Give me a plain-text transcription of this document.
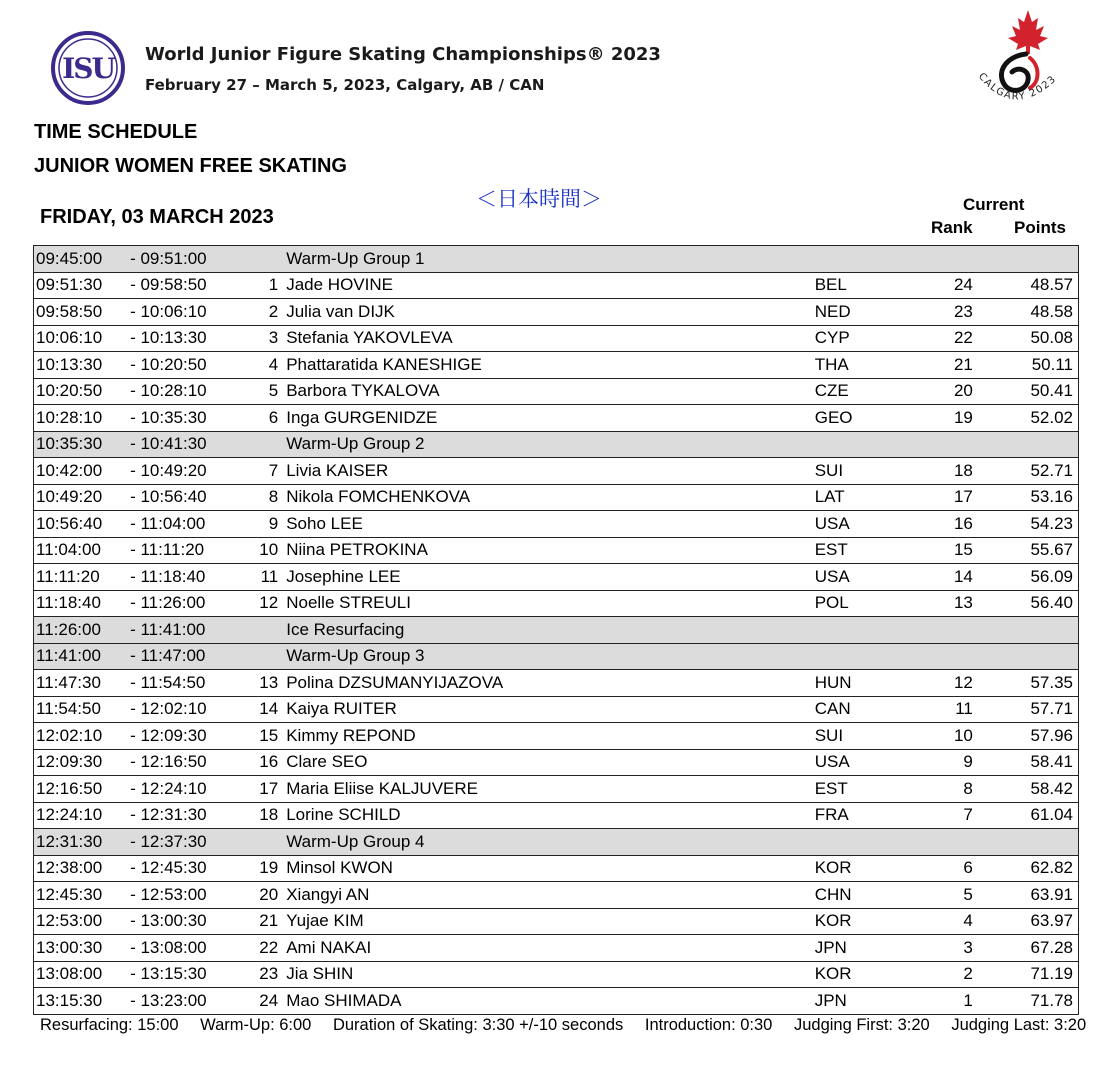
ISU World Junior Figure Skating Championships® 2023
February 27 – March 5, 2023, Calgary, AB / CAN	CALGARY 2023
TIME SCHEDULE
JUNIOR WOMEN FREE SKATING
＜日本時間＞
FRIDAY, 03 MARCH 2023
Current
Rank Points
09:45:00	- 09:51:00		Warm-Up Group 1			
09:51:30	- 09:58:50	1	Jade HOVINE	BEL	24	48.57
09:58:50	- 10:06:10	2	Julia van DIJK	NED	23	48.58
10:06:10	- 10:13:30	3	Stefania YAKOVLEVA	CYP	22	50.08
10:13:30	- 10:20:50	4	Phattaratida KANESHIGE	THA	21	50.11
10:20:50	- 10:28:10	5	Barbora TYKALOVA	CZE	20	50.41
10:28:10	- 10:35:30	6	Inga GURGENIDZE	GEO	19	52.02
10:35:30	- 10:41:30		Warm-Up Group 2			
10:42:00	- 10:49:20	7	Livia KAISER	SUI	18	52.71
10:49:20	- 10:56:40	8	Nikola FOMCHENKOVA	LAT	17	53.16
10:56:40	- 11:04:00	9	Soho LEE	USA	16	54.23
11:04:00	- 11:11:20	10	Niina PETROKINA	EST	15	55.67
11:11:20	- 11:18:40	11	Josephine LEE	USA	14	56.09
11:18:40	- 11:26:00	12	Noelle STREULI	POL	13	56.40
11:26:00	- 11:41:00		Ice Resurfacing			
11:41:00	- 11:47:00		Warm-Up Group 3			
11:47:30	- 11:54:50	13	Polina DZSUMANYIJAZOVA	HUN	12	57.35
11:54:50	- 12:02:10	14	Kaiya RUITER	CAN	11	57.71
12:02:10	- 12:09:30	15	Kimmy REPOND	SUI	10	57.96
12:09:30	- 12:16:50	16	Clare SEO	USA	9	58.41
12:16:50	- 12:24:10	17	Maria Eliise KALJUVERE	EST	8	58.42
12:24:10	- 12:31:30	18	Lorine SCHILD	FRA	7	61.04
12:31:30	- 12:37:30		Warm-Up Group 4			
12:38:00	- 12:45:30	19	Minsol KWON	KOR	6	62.82
12:45:30	- 12:53:00	20	Xiangyi AN	CHN	5	63.91
12:53:00	- 13:00:30	21	Yujae KIM	KOR	4	63.97
13:00:30	- 13:08:00	22	Ami NAKAI	JPN	3	67.28
13:08:00	- 13:15:30	23	Jia SHIN	KOR	2	71.19
13:15:30	- 13:23:00	24	Mao SHIMADA	JPN	1	71.78
Resurfacing: 15:00 Warm-Up: 6:00 Duration of Skating: 3:30 +/-10 seconds Introduction: 0:30 Judging First: 3:20 Judging Last: 3:20
